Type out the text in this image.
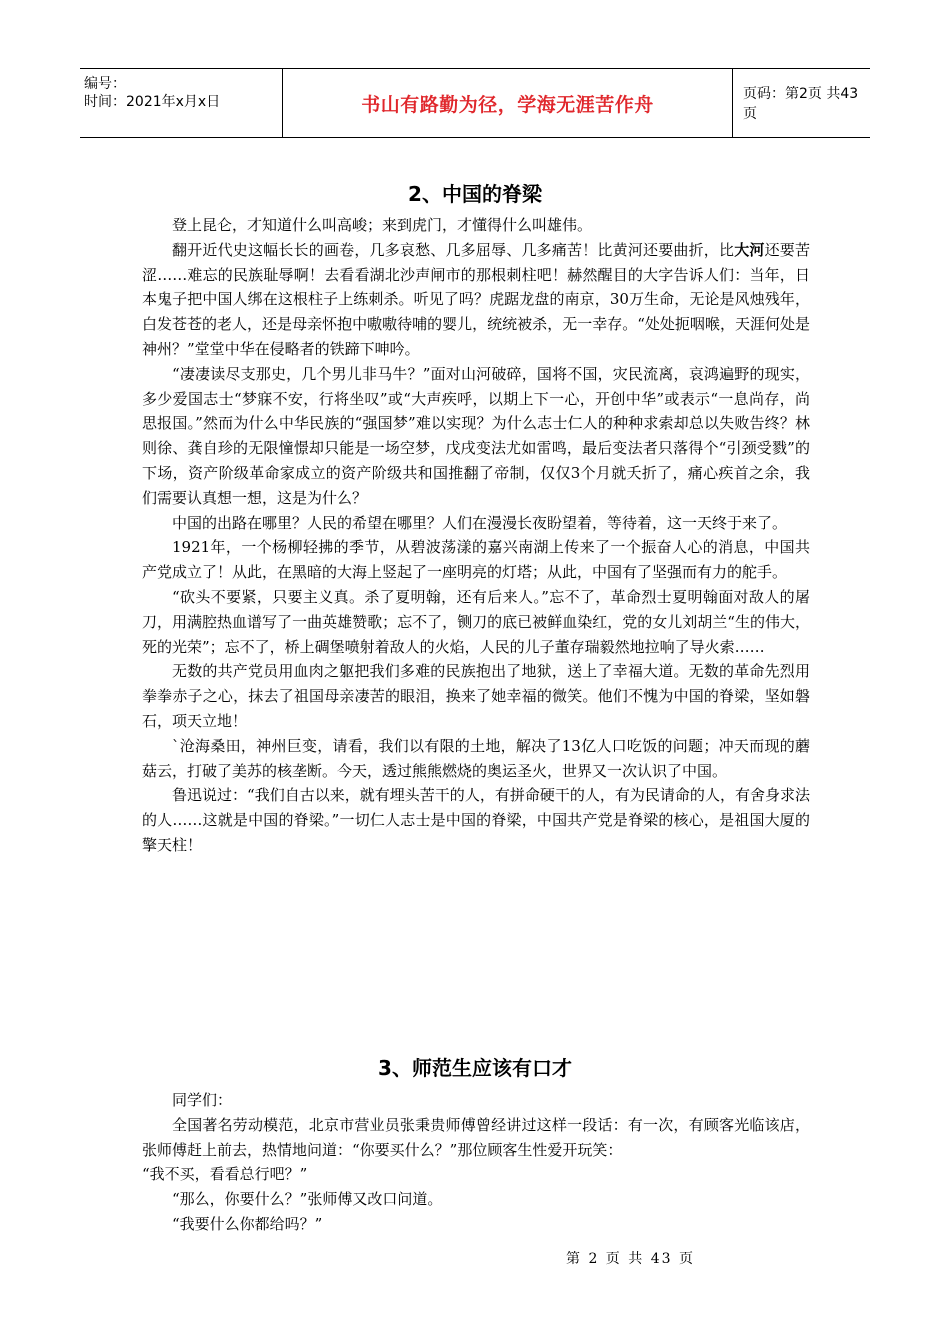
编号：
时间：2021年x月x日	书山有路勤为径，学海无涯苦作舟	页码：第2页 共43页
2、中国的脊梁

登上昆仑，才知道什么叫高峻；来到虎门，才懂得什么叫雄伟。

翻开近代史这幅长长的画卷，几多哀愁、几多屈辱、几多痛苦！比黄河还要曲折，比大河还要苦涩……难忘的民族耻辱啊！去看看湖北沙声闸市的那根刺柱吧！赫然醒目的大字告诉人们：当年，日本鬼子把中国人绑在这根柱子上练刺杀。听见了吗？虎踞龙盘的南京，30万生命，无论是风烛残年，白发苍苍的老人，还是母亲怀抱中嗷嗷待哺的婴儿，统统被杀，无一幸存。“处处扼咽喉，天涯何处是神州？”堂堂中华在侵略者的铁蹄下呻吟。

“凄凄读尽支那史，几个男儿非马牛？”面对山河破碎，国将不国，灾民流离，哀鸿遍野的现实，多少爱国志士“梦寐不安，行将坐叹”或“大声疾呼，以期上下一心，开创中华”或表示“一息尚存，尚思报国。”然而为什么中华民族的“强国梦”难以实现？为什么志士仁人的种种求索却总以失败告终？林则徐、龚自珍的无限憧憬却只能是一场空梦，戊戌变法尤如雷鸣，最后变法者只落得个“引颈受戮”的下场，资产阶级革命家成立的资产阶级共和国推翻了帝制，仅仅3个月就夭折了，痛心疾首之余，我们需要认真想一想，这是为什么？

中国的出路在哪里？人民的希望在哪里？人们在漫漫长夜盼望着，等待着，这一天终于来了。

1921年，一个杨柳轻拂的季节，从碧波荡漾的嘉兴南湖上传来了一个振奋人心的消息，中国共产党成立了！从此，在黑暗的大海上竖起了一座明亮的灯塔；从此，中国有了坚强而有力的舵手。

“砍头不要紧，只要主义真。杀了夏明翰，还有后来人。”忘不了，革命烈士夏明翰面对敌人的屠刀，用满腔热血谱写了一曲英雄赞歌；忘不了，铡刀的底已被鲜血染红，党的女儿刘胡兰“生的伟大，死的光荣”；忘不了，桥上碉堡喷射着敌人的火焰，人民的儿子董存瑞毅然地拉响了导火索……

无数的共产党员用血肉之躯把我们多难的民族抱出了地狱，送上了幸福大道。无数的革命先烈用拳拳赤子之心，抹去了祖国母亲凄苦的眼泪，换来了她幸福的微笑。他们不愧为中国的脊梁，坚如磐石，项天立地！

`沧海桑田，神州巨变，请看，我们以有限的土地，解决了13亿人口吃饭的问题；冲天而现的蘑菇云，打破了美苏的核垄断。今天，透过熊熊燃烧的奥运圣火，世界又一次认识了中国。

鲁迅说过：“我们自古以来，就有埋头苦干的人，有拼命硬干的人，有为民请命的人，有舍身求法的人……这就是中国的脊梁。”一切仁人志士是中国的脊梁，中国共产党是脊梁的核心，是祖国大厦的擎天柱！

3、师范生应该有口才

同学们：

全国著名劳动模范，北京市营业员张秉贵师傅曾经讲过这样一段话：有一次，有顾客光临该店，张师傅赶上前去，热情地问道：“你要买什么？”那位顾客生性爱开玩笑：

“我不买，看看总行吧？”

“那么，你要什么？”张师傅又改口问道。

“我要什么你都给吗？”

第 2 页 共 43 页
